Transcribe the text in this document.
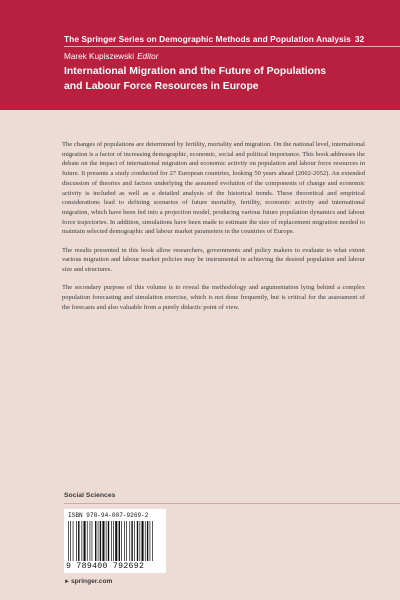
The Springer Series on Demographic Methods and Population Analysis 32
Marek Kupiszewski Editor
International Migration and the Future of Populations
and Labour Force Resources in Europe

The changes of populations are determined by fertility, mortality and migration. On the national level, international migration is a factor of increasing demographic, economic, social and political importance. This book addresses the debate on the impact of international migration and economic activity on population and labour force resources in future. It presents a study conducted for 27 European countries, looking 50 years ahead (2002-2052). An extended discussion of theories and factors underlying the assumed evolution of the components of change and economic activity is included as well as a detailed analysis of the historical trends. These theoretical and empirical considerations lead to defining scenarios of future mortality, fertility, economic activity and international migration, which have been fed into a projection model, producing various future population dynamics and labour force trajectories. In addition, simulations have been made to estimate the size of replacement migration needed to maintain selected demographic and labour market parameters in the countries of Europe.

The results presented in this book allow researchers, governments and policy makers to evaluate to what extent various migration and labour market policies may be instrumental in achieving the desired population and labour size and structures.

The secondary purpose of this volume is to reveal the methodology and argumentation lying behind a complex population forecasting and simulation exercise, which is not done frequently, but is critical for the assessment of the forecasts and also valuable from a purely didactic point of view.

Social Sciences
ISBN 978-94-007-9269-2
9 789400 792692
►springer.com
